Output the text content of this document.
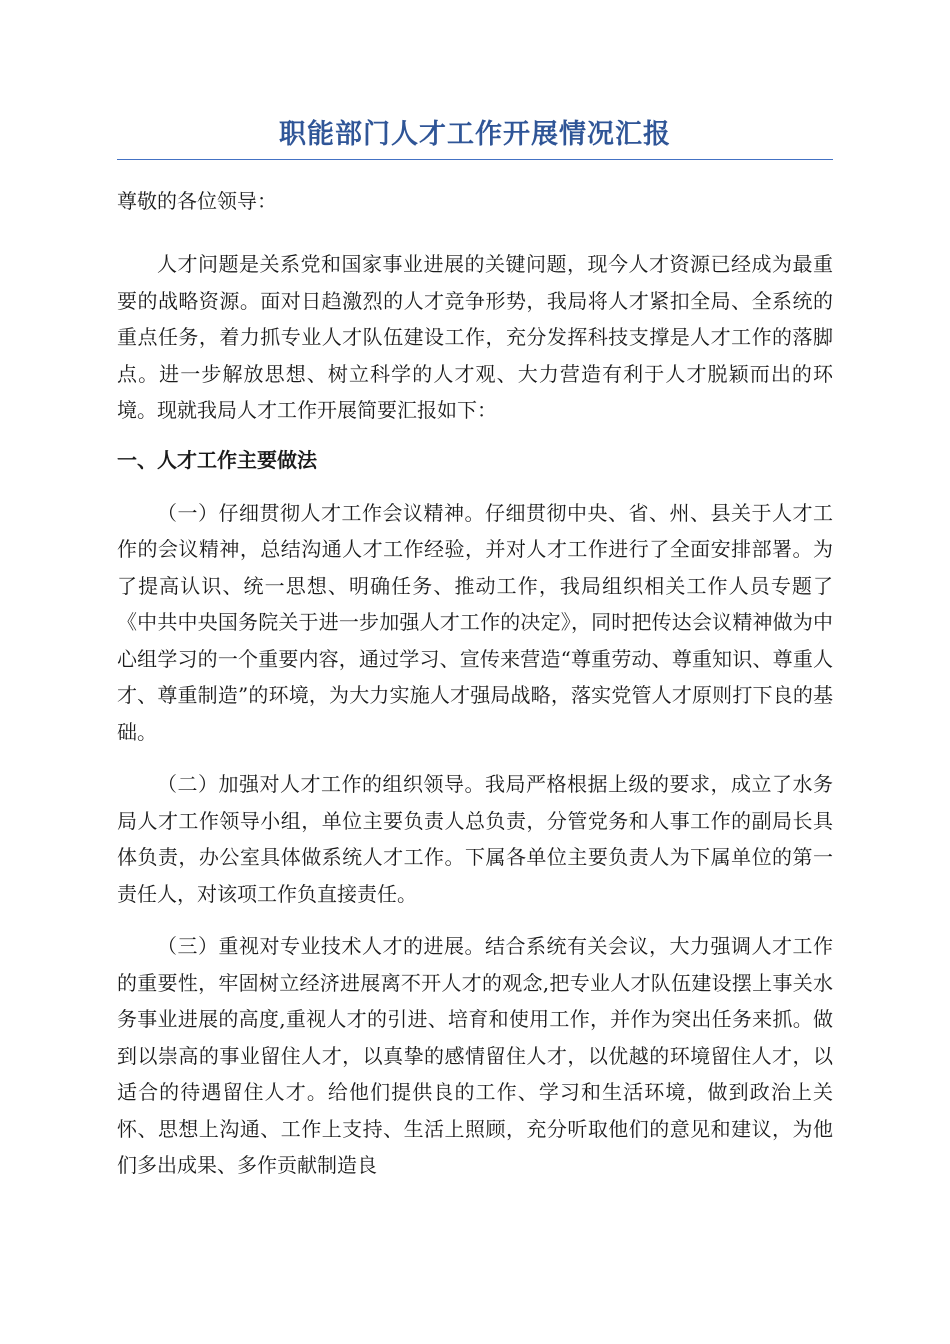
职能部门人才工作开展情况汇报

尊敬的各位领导：

人才问题是关系党和国家事业进展的关键问题，现今人才资源已经成为最重要的战略资源。面对日趋激烈的人才竞争形势，我局将人才紧扣全局、全系统的重点任务，着力抓专业人才队伍建设工作，充分发挥科技支撑是人才工作的落脚点。进一步解放思想、树立科学的人才观、大力营造有利于人才脱颖而出的环境。现就我局人才工作开展简要汇报如下：

一、人才工作主要做法

（一）仔细贯彻人才工作会议精神。仔细贯彻中央、省、州、县关于人才工作的会议精神，总结沟通人才工作经验，并对人才工作进行了全面安排部署。为了提高认识、统一思想、明确任务、推动工作，我局组织相关工作人员专题了《中共中央国务院关于进一步加强人才工作的决定》，同时把传达会议精神做为中心组学习的一个重要内容，通过学习、宣传来营造“尊重劳动、尊重知识、尊重人才、尊重制造”的环境，为大力实施人才强局战略，落实党管人才原则打下良的基础。

（二）加强对人才工作的组织领导。我局严格根据上级的要求，成立了水务局人才工作领导小组，单位主要负责人总负责，分管党务和人事工作的副局长具体负责，办公室具体做系统人才工作。下属各单位主要负责人为下属单位的第一责任人，对该项工作负直接责任。

（三）重视对专业技术人才的进展。结合系统有关会议，大力强调人才工作的重要性，牢固树立经济进展离不开人才的观念,把专业人才队伍建设摆上事关水务事业进展的高度,重视人才的引进、培育和使用工作，并作为突出任务来抓。做到以崇高的事业留住人才，以真挚的感情留住人才，以优越的环境留住人才，以适合的待遇留住人才。给他们提供良的工作、学习和生活环境，做到政治上关怀、思想上沟通、工作上支持、生活上照顾，充分听取他们的意见和建议，为他们多出成果、多作贡献制造良
